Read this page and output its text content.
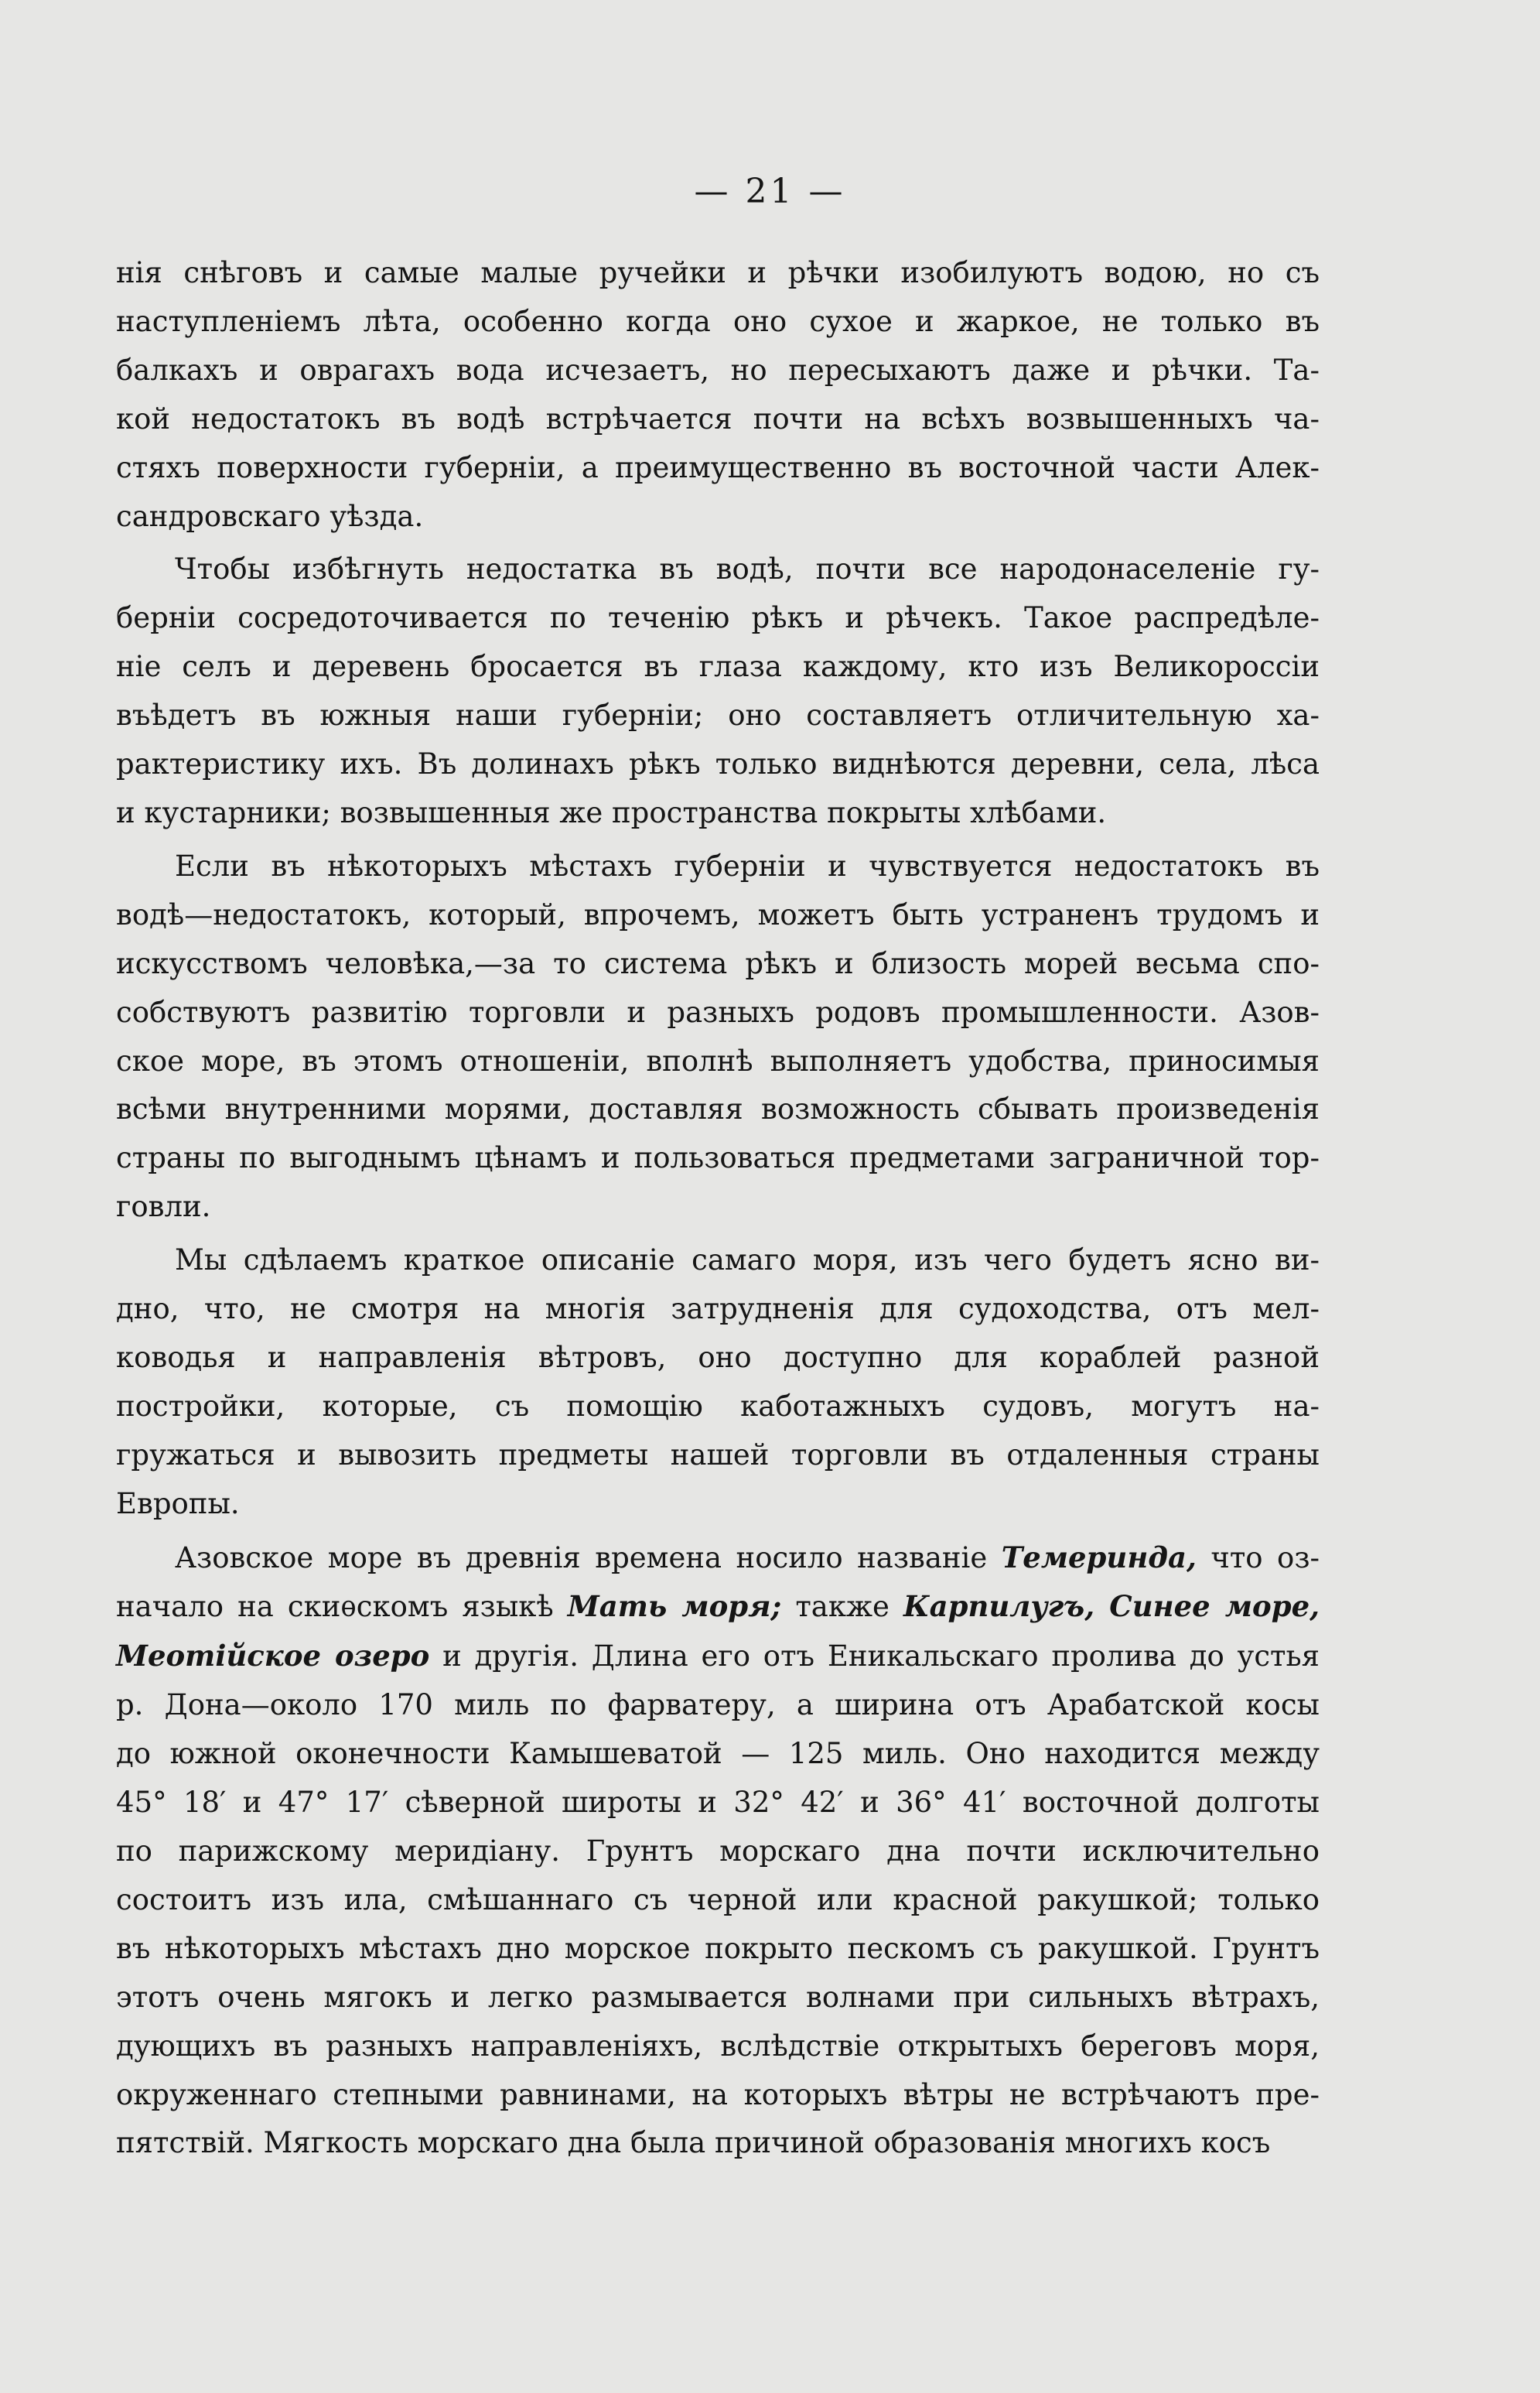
— 21 —

нія снѣговъ и самые малые ручейки и рѣчки изобилуютъ водою, но съ
наступленіемъ лѣта, особенно когда оно сухое и жаркое, не только въ
балкахъ и оврагахъ вода исчезаетъ, но пересыхаютъ даже и рѣчки. Та-
кой недостатокъ въ водѣ встрѣчается почти на всѣхъ возвышенныхъ ча-
стяхъ поверхности губерніи, а преимущественно въ восточной части Алек-
сандровскаго уѣзда.

Чтобы избѣгнуть недостатка въ водѣ, почти все народонаселеніе гу-
берніи сосредоточивается по теченію рѣкъ и рѣчекъ. Такое распредѣле-
ніе селъ и деревень бросается въ глаза каждому, кто изъ Великороссіи
въѣдетъ въ южныя наши губерніи; оно составляетъ отличительную ха-
рактеристику ихъ. Въ долинахъ рѣкъ только виднѣются деревни, села, лѣса
и кустарники; возвышенныя же пространства покрыты хлѣбами.

Если въ нѣкоторыхъ мѣстахъ губерніи и чувствуется недостатокъ въ
водѣ—недостатокъ, который, впрочемъ, можетъ быть устраненъ трудомъ и
искусствомъ человѣка,—за то система рѣкъ и близость морей весьма спо-
собствуютъ развитію торговли и разныхъ родовъ промышленности. Азов-
ское море, въ этомъ отношеніи, вполнѣ выполняетъ удобства, приносимыя
всѣми внутренними морями, доставляя возможность сбывать произведенія
страны по выгоднымъ цѣнамъ и пользоваться предметами заграничной тор-
говли.

Мы сдѣлаемъ краткое описаніе самаго моря, изъ чего будетъ ясно ви-
дно, что, не смотря на многія затрудненія для судоходства, отъ мел-
ководья и направленія вѣтровъ, оно доступно для кораблей разной
постройки, которые, съ помощію каботажныхъ судовъ, могутъ на-
гружаться и вывозить предметы нашей торговли въ отдаленныя страны
Европы.

Азовское море въ древнія времена носило названіе Темеринда, что оз-
начало на скиѳскомъ языкѣ Мать моря; также Карпилугъ, Синее море,
Меотійское озеро и другія. Длина его отъ Еникальскаго пролива до устья
р. Дона—около 170 миль по фарватеру, а ширина отъ Арабатской косы
до южной оконечности Камышеватой — 125 миль. Оно находится между
45° 18′ и 47° 17′ сѣверной широты и 32° 42′ и 36° 41′ восточной долготы
по парижскому меридіану. Грунтъ морскаго дна почти исключительно
состоитъ изъ ила, смѣшаннаго съ черной или красной ракушкой; только
въ нѣкоторыхъ мѣстахъ дно морское покрыто пескомъ съ ракушкой. Грунтъ
этотъ очень мягокъ и легко размывается волнами при сильныхъ вѣтрахъ,
дующихъ въ разныхъ направленіяхъ, вслѣдствіе открытыхъ береговъ моря,
окруженнаго степными равнинами, на которыхъ вѣтры не встрѣчаютъ пре-
пятствій. Мягкость морскаго дна была причиной образованія многихъ косъ
